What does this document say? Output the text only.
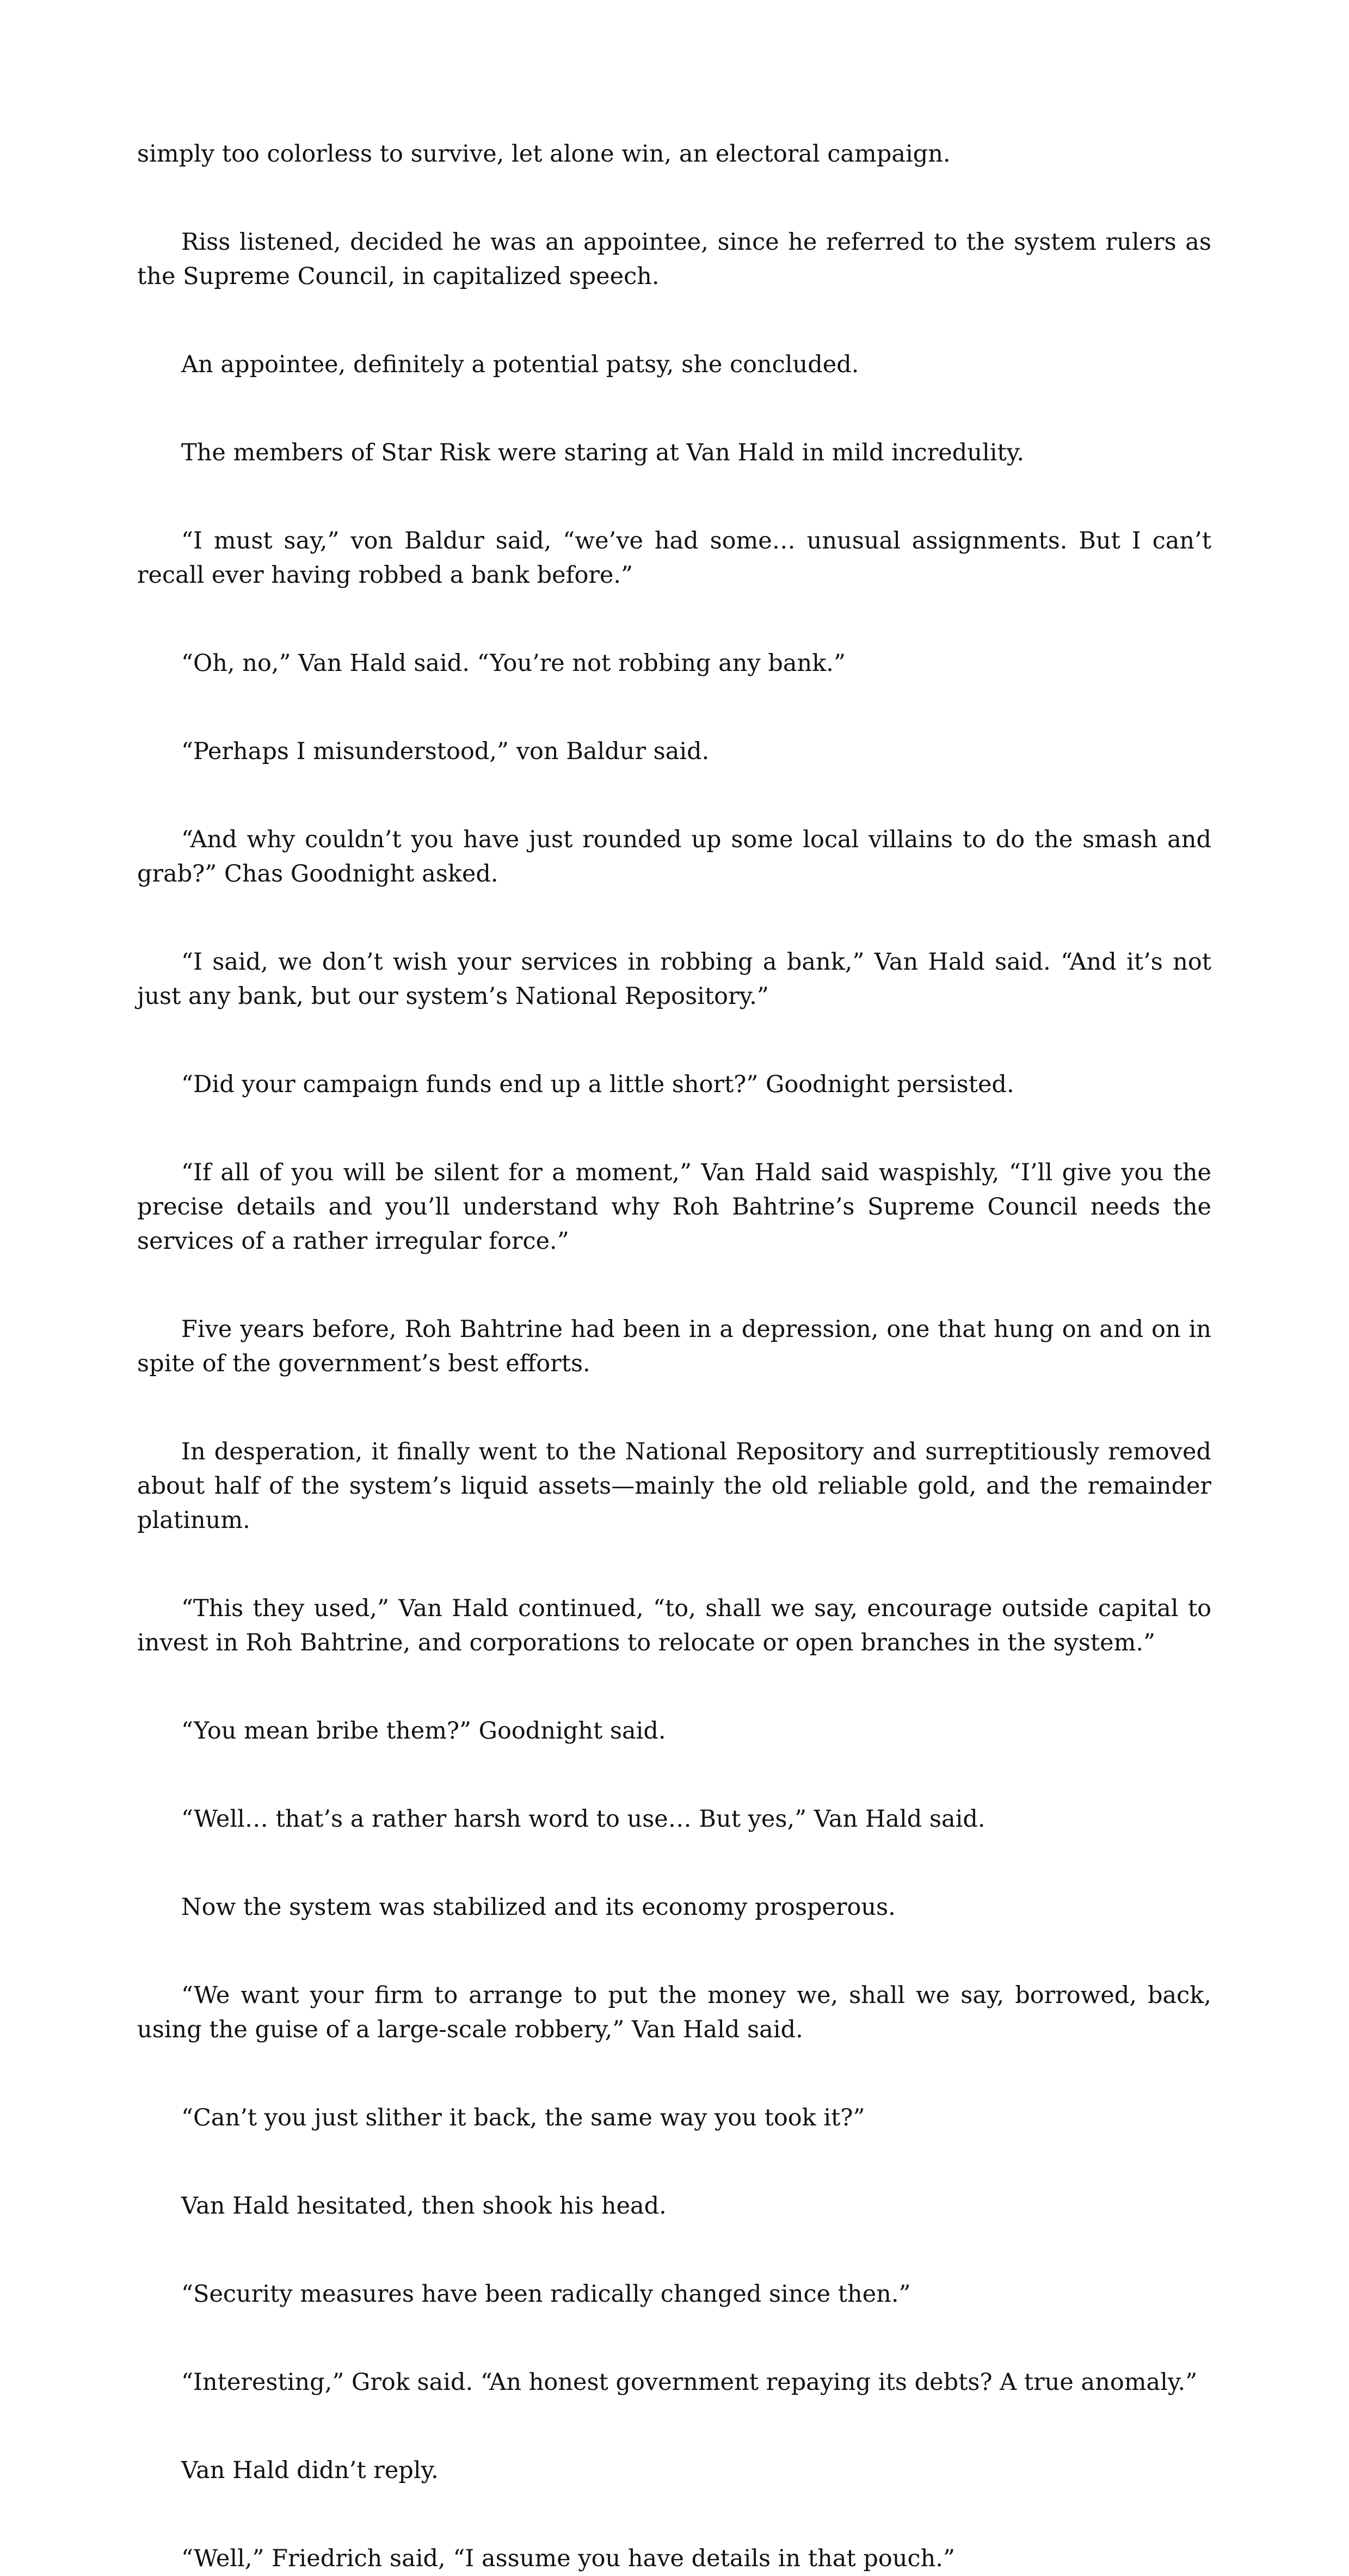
simply too colorless to survive, let alone win, an electoral campaign.

Riss listened, decided he was an appointee, since he referred to the system rulers as the Supreme Council, in capitalized speech.

An appointee, definitely a potential patsy, she concluded.

The members of Star Risk were staring at Van Hald in mild incredulity.

“I must say,” von Baldur said, “we’ve had some… unusual assignments. But I can’t recall ever having robbed a bank before.”

“Oh, no,” Van Hald said. “You’re not robbing any bank.”

“Perhaps I misunderstood,” von Baldur said.

“And why couldn’t you have just rounded up some local villains to do the smash and grab?” Chas Goodnight asked.

“I said, we don’t wish your services in robbing a bank,” Van Hald said. “And it’s not just any bank, but our system’s National Repository.”

“Did your campaign funds end up a little short?” Goodnight persisted.

“If all of you will be silent for a moment,” Van Hald said waspishly, “I’ll give you the precise details and you’ll understand why Roh Bahtrine’s Supreme Council needs the services of a rather irregular force.”

Five years before, Roh Bahtrine had been in a depression, one that hung on and on in spite of the government’s best efforts.

In desperation, it finally went to the National Repository and surreptitiously removed about half of the system’s liquid assets—mainly the old reliable gold, and the remainder platinum.

“This they used,” Van Hald continued, “to, shall we say, encourage outside capital to invest in Roh Bahtrine, and corporations to relocate or open branches in the system.”

“You mean bribe them?” Goodnight said.

“Well… that’s a rather harsh word to use… But yes,” Van Hald said.

Now the system was stabilized and its economy prosperous.

“We want your firm to arrange to put the money we, shall we say, borrowed, back, using the guise of a large-scale robbery,” Van Hald said.

“Can’t you just slither it back, the same way you took it?”

Van Hald hesitated, then shook his head.

“Security measures have been radically changed since then.”

“Interesting,” Grok said. “An honest government repaying its debts? A true anomaly.”

Van Hald didn’t reply.

“Well,” Friedrich said, “I assume you have details in that pouch.”
